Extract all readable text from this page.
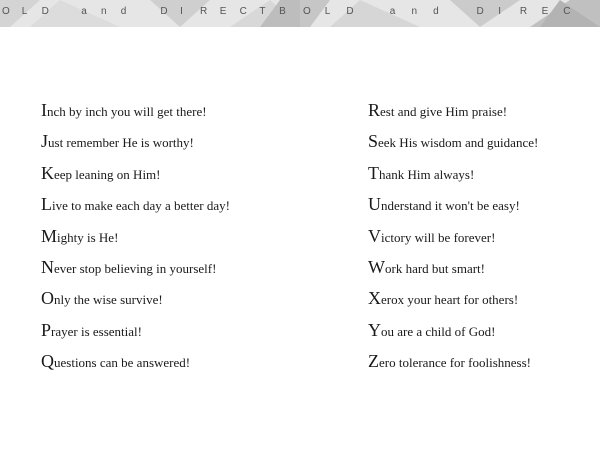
O L D	a n d	D I R E C T B	O L D	a n d	D I R E C
Inch by inch you will get there!
Just remember He is worthy!
Keep leaning on Him!
Live to make each day a better day!
Mighty is He!
Never stop believing in yourself!
Only the wise survive!
Prayer is essential!
Questions can be answered!
Rest and give Him praise!
Seek His wisdom and guidance!
Thank Him always!
Understand it won't be easy!
Victory will be forever!
Work hard but smart!
Xerox your heart for others!
You are a child of God!
Zero tolerance for foolishness!
